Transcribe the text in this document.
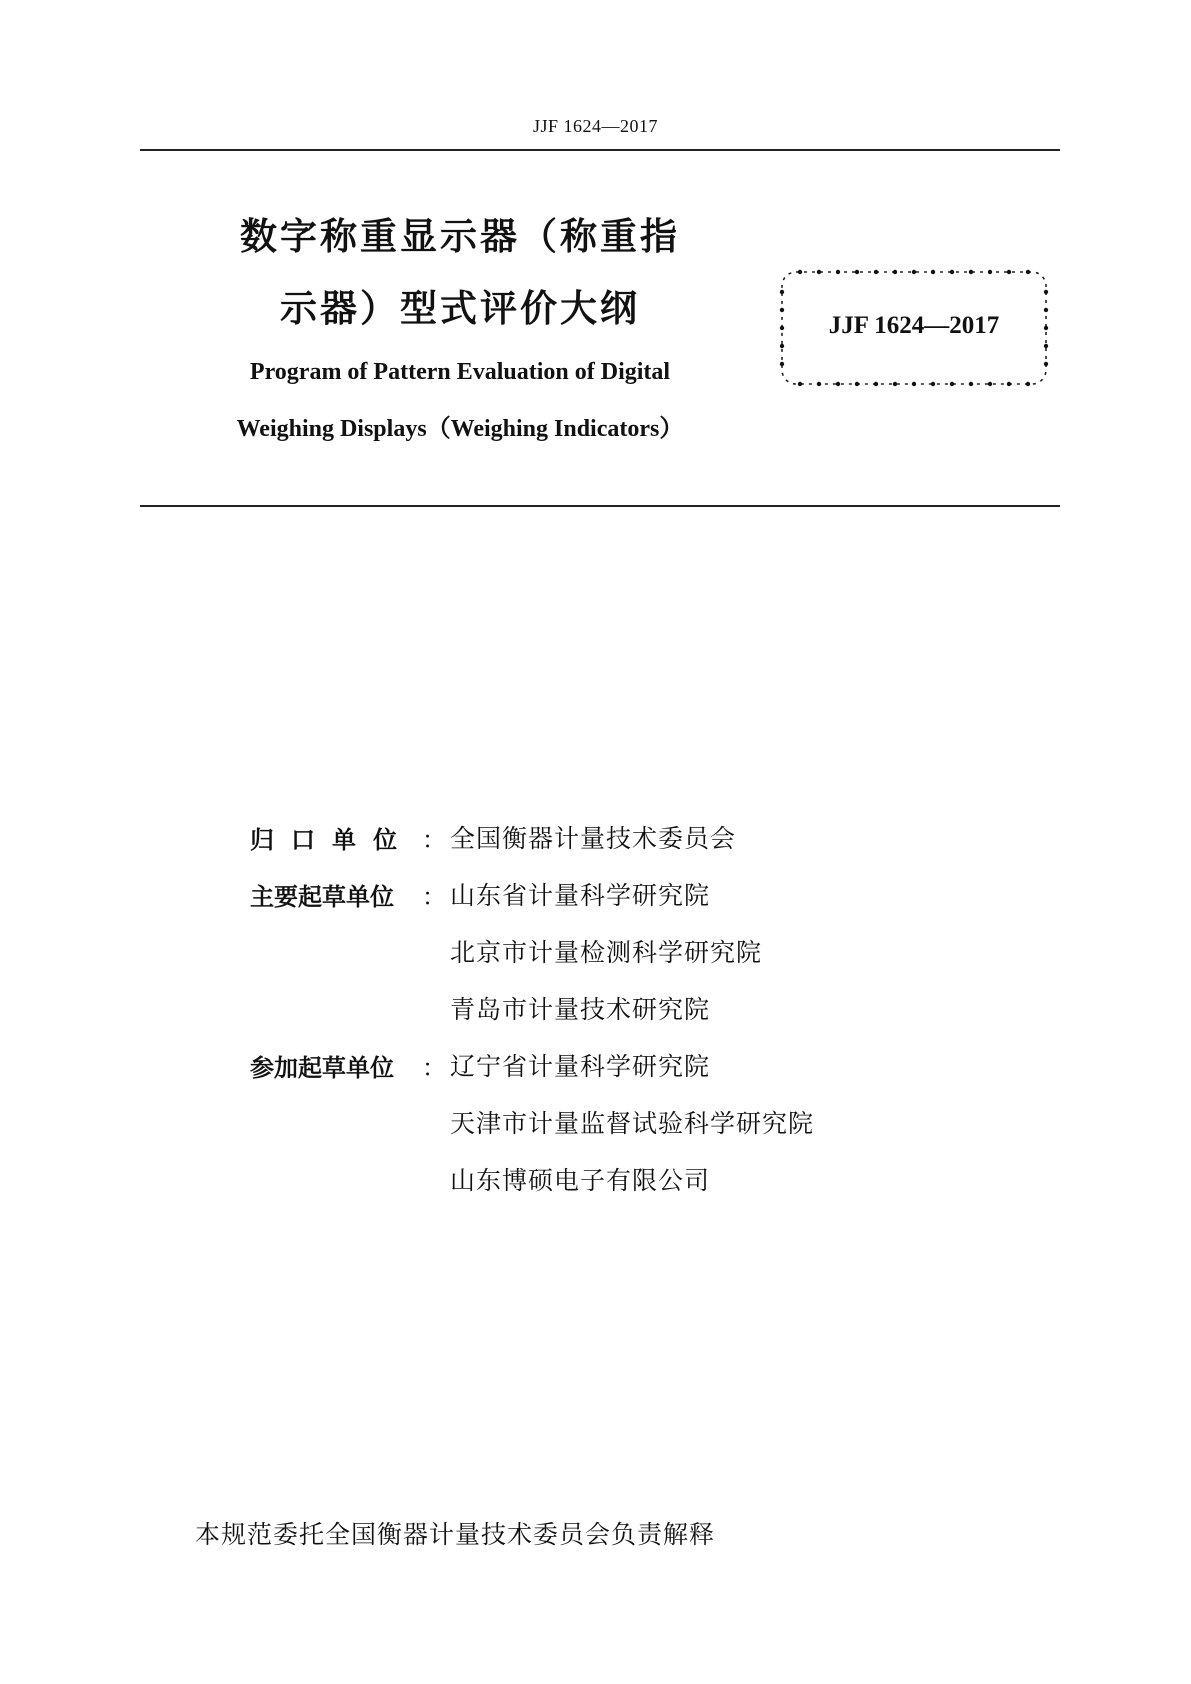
JJF 1624—2017
数字称重显示器（称重指
示器）型式评价大纲
Program of Pattern Evaluation of Digital
Weighing Displays（Weighing Indicators）
JJF 1624—2017
归口单位 ： 全国衡器计量技术委员会
主要起草单位	： 山东省计量科学研究院
北京市计量检测科学研究院
青岛市计量技术研究院
参加起草单位	： 辽宁省计量科学研究院
天津市计量监督试验科学研究院
山东博硕电子有限公司
本规范委托全国衡器计量技术委员会负责解释
